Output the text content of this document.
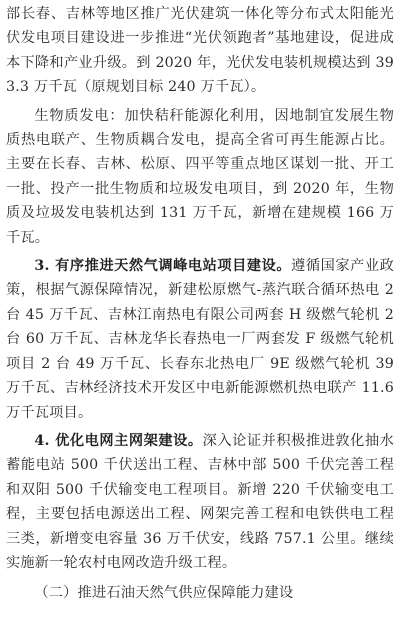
部长春、吉林等地区推广光伏建筑一体化等分布式太阳能光伏发电项目建设进一步推进“光伏领跑者”基地建设，促进成本下降和产业升级。到 2020 年，光伏发电装机规模达到 393.3 万千瓦（原规划目标 240 万千瓦）。

生物质发电：加快秸秆能源化利用，因地制宜发展生物质热电联产、生物质耦合发电，提高全省可再生能源占比。主要在长春、吉林、松原、四平等重点地区谋划一批、开工一批、投产一批生物质和垃圾发电项目，到 2020 年，生物质及垃圾发电装机达到 131 万千瓦，新增在建规模 166 万千瓦。

3. 有序推进天然气调峰电站项目建设。遵循国家产业政策，根据气源保障情况，新建松原燃气-蒸汽联合循环热电 2 台 45 万千瓦、吉林江南热电有限公司两套 H 级燃气轮机 2 台 60 万千瓦、吉林龙华长春热电一厂两套发 F 级燃气轮机项目 2 台 49 万千瓦、长春东北热电厂 9E 级燃气轮机 39 万千瓦、吉林经济技术开发区中电新能源燃机热电联产 11.6 万千瓦项目。

4. 优化电网主网架建设。深入论证并积极推进敦化抽水蓄能电站 500 千伏送出工程、吉林中部 500 千伏完善工程和双阳 500 千伏输变电工程项目。新增 220 千伏输变电工程，主要包括电源送出工程、网架完善工程和电铁供电工程三类，新增变电容量 36 万千伏安，线路 757.1 公里。继续实施新一轮农村电网改造升级工程。

（二）推进石油天然气供应保障能力建设
